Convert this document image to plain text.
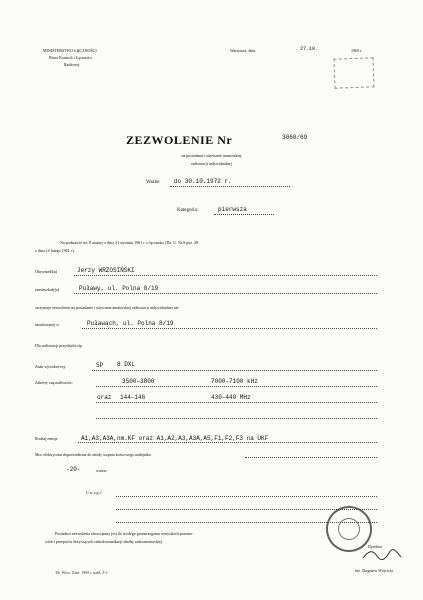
MINISTERSTWO ŁĄCZNOŚCI
Biuro Kontroli i Łączności
Radiowej
Warszawa, dnia	27.10.	1969 r.
ZEZWOLENIE Nr	3060/69
na posiadanie i używanie amatorskiej
radiostacji indywidualnej
Ważne do 30.10.1972 r.
Kategoria:	pierwsza
Na podstawie art. 8 ustawy z dnia 31 stycznia 1961 r. o łączności (Dz. U. Nr 8 poz. 48
z dnia 14 lutego 1961 r.).
Obywatel(ka)	Jerzy WRZOSIŃSKI
zamieszkały(a)	Puławy, ul. Polna 8/19
otrzymuje zezwolenie na posiadanie i używanie amatorskiej radiostacji indywidualnej zai-
instalowanej w	Puławach, ul. Polna 8/19
Dla radiostacji przydziela się:
Znak wywoławczy:	SP 8 DXL
Zakresy częstotliwości:	3500–3800	7000–7100 kHz
oraz 144–146	430–440 MHz
Rodzaj emisji:	A1,A3,A3A,nm.KF oraz A1,A2,A3,A3A,A5,F1,F2,F3 na UKF
Moc elektryczna doprowadzona do anody stopnia końcowego nadajnika
-20-	watów.
U w a g i:
Posiadacz zezwolenia obowiązany jest do ścisłego przestrzegania wszystkich postano-
wień i przepisów dotyczących radiokomunikacji służby radioamatorskiej.
Dyrektor
inż. Zbigniew Wójcicki
Tłr. Wyw. Zam. 1969 r. nakł. Z-1
